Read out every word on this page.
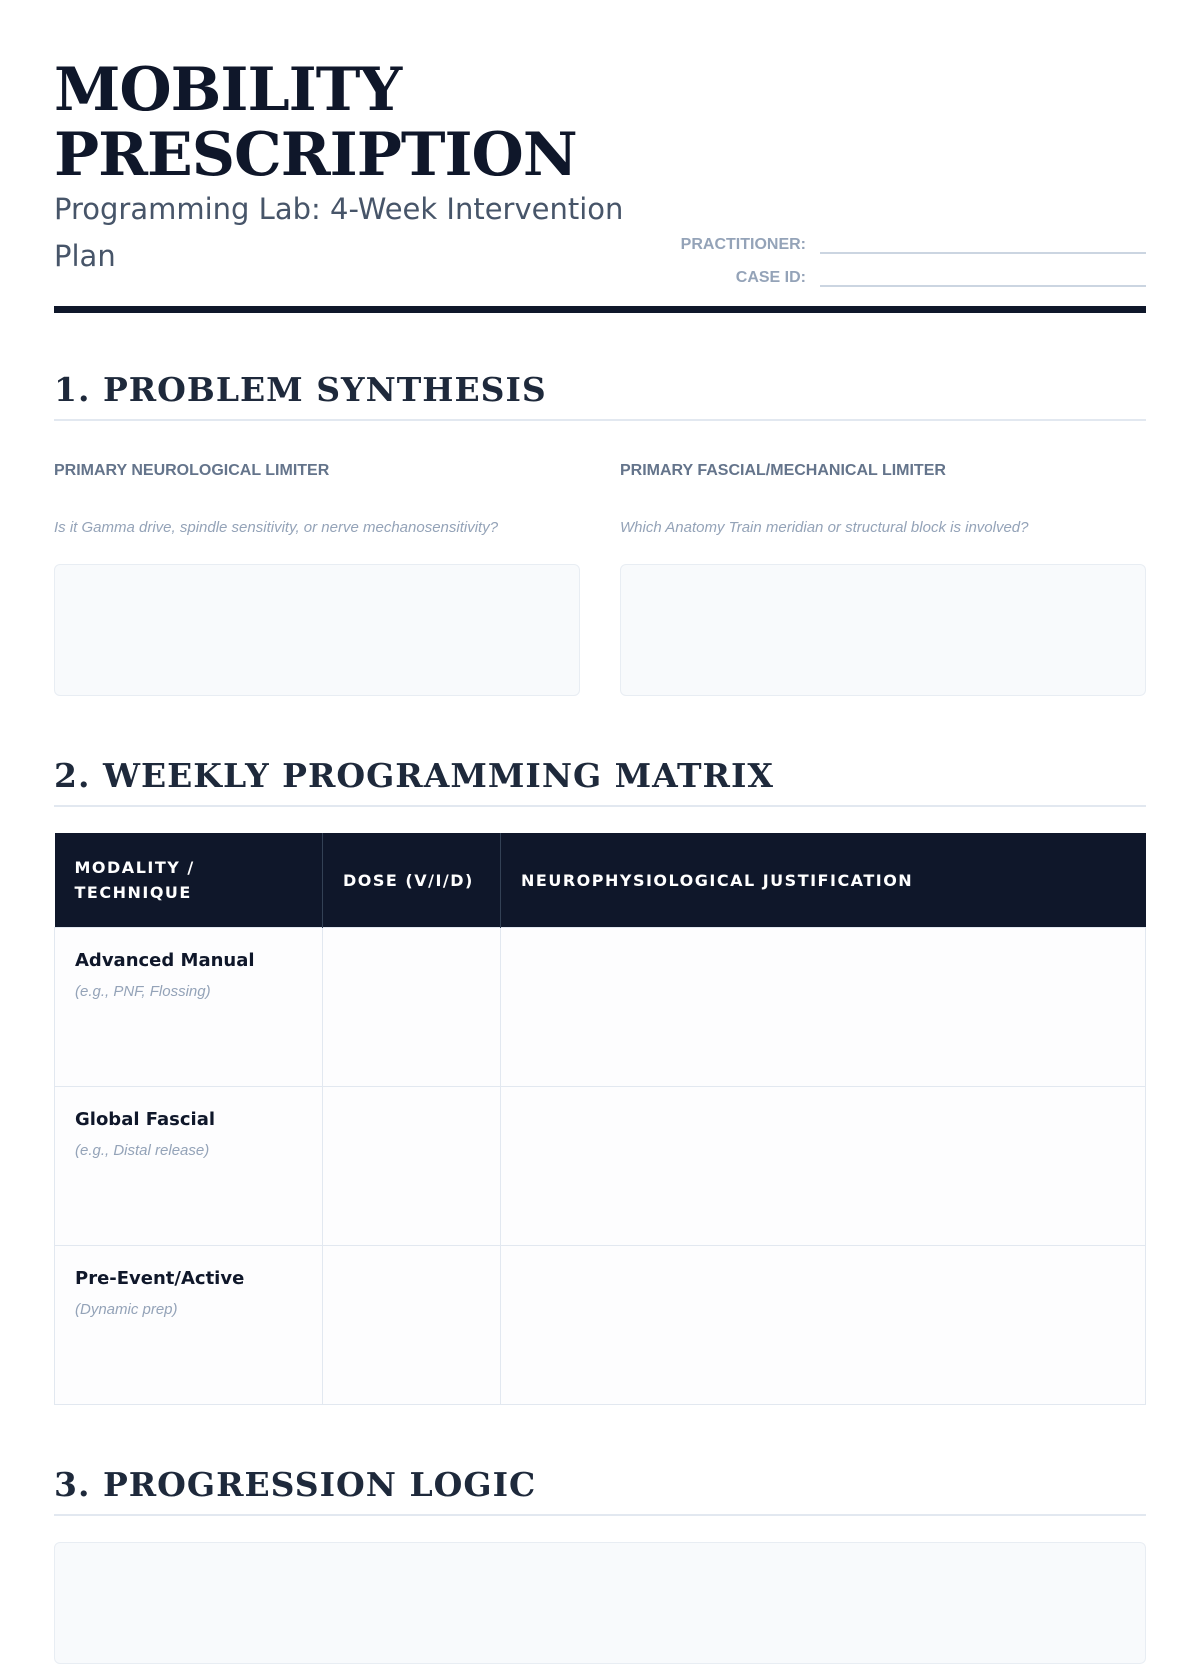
MOBILITY
PRESCRIPTION

Programming Lab: 4-Week Intervention Plan	PRACTITIONER:
CASE ID:
1. PROBLEM SYNTHESIS
PRIMARY NEUROLOGICAL LIMITER
Is it Gamma drive, spindle sensitivity, or nerve mechanosensitivity?
PRIMARY FASCIAL/MECHANICAL LIMITER
Which Anatomy Train meridian or structural block is involved?
2. WEEKLY PROGRAMMING MATRIX
MODALITY / TECHNIQUE	DOSE (V/I/D)	NEUROPHYSIOLOGICAL JUSTIFICATION

Advanced Manual
(e.g., PNF, Flossing)		

Global Fascial
(e.g., Distal release)		

Pre-Event/Active
(Dynamic prep)		

3. PROGRESSION LOGIC
